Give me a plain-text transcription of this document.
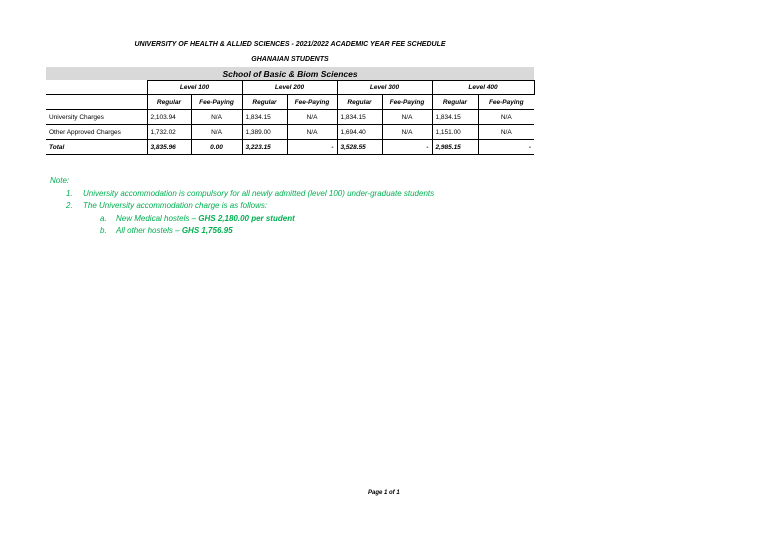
UNIVERSITY OF HEALTH & ALLIED SCIENCES - 2021/2022 ACADEMIC YEAR FEE SCHEDULE
GHANAIAN STUDENTS
School of Basic & Biom Sciences								
	Level 100		Level 200		Level 300		Level 400	
	Regular	Fee-Paying	Regular	Fee-Paying	Regular	Fee-Paying	Regular	Fee-Paying
University Charges	2,103.94	N/A	1,834.15	N/A	1,834.15	N/A	1,834.15	N/A
Other Approved Charges	1,732.02	N/A	1,389.00	N/A	1,694.40	N/A	1,151.00	N/A
Total	3,835.96	0.00	3,223.15	-	3,528.55	-	2,985.15	-
Note:
1. University accommodation is compulsory for all newly admitted (level 100) under-graduate students
2. The University accommodation charge is as follows:
a. New Medical hostels – GHS 2,180.00 per student
b. All other hostels – GHS 1,756.95
Page 1 of 1
